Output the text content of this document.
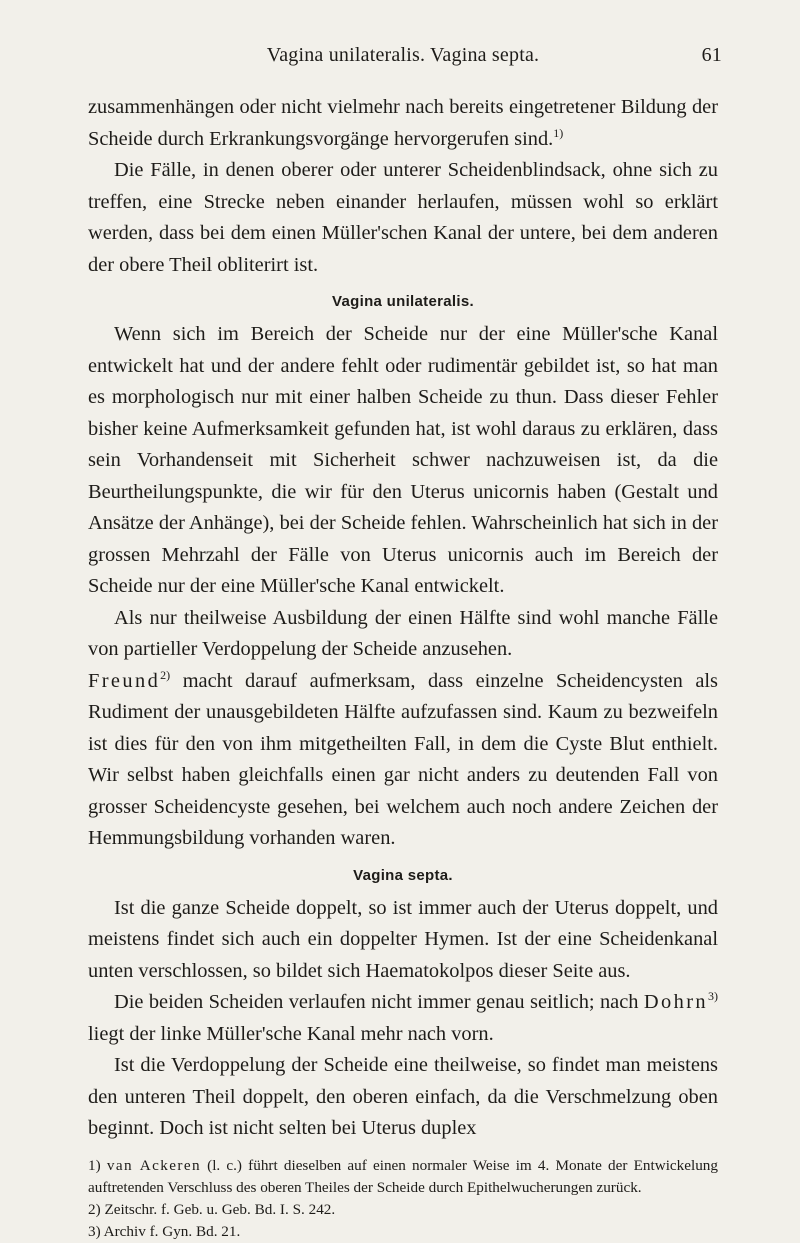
Vagina unilateralis. Vagina septa.	61

zusammenhängen oder nicht vielmehr nach bereits eingetretener Bildung der Scheide durch Erkrankungsvorgänge hervorgerufen sind.$^{1)}$

Die Fälle, in denen oberer oder unterer Scheidenblindsack, ohne sich zu treffen, eine Strecke neben einander herlaufen, müssen wohl so erklärt werden, dass bei dem einen Müller'schen Kanal der untere, bei dem anderen der obere Theil obliterirt ist.

Vagina unilateralis.

Wenn sich im Bereich der Scheide nur der eine Müller'sche Kanal entwickelt hat und der andere fehlt oder rudimentär gebildet ist, so hat man es morphologisch nur mit einer halben Scheide zu thun. Dass dieser Fehler bisher keine Aufmerksamkeit gefunden hat, ist wohl daraus zu erklären, dass sein Vorhandenseit mit Sicherheit schwer nachzuweisen ist, da die Beurtheilungspunkte, die wir für den Uterus unicornis haben (Gestalt und Ansätze der Anhänge), bei der Scheide fehlen. Wahrscheinlich hat sich in der grossen Mehrzahl der Fälle von Uterus unicornis auch im Bereich der Scheide nur der eine Müller'sche Kanal entwickelt.

Als nur theilweise Ausbildung der einen Hälfte sind wohl manche Fälle von partieller Verdoppelung der Scheide anzusehen.

Freund$^{2)}$ macht darauf aufmerksam, dass einzelne Scheidencysten als Rudiment der unausgebildeten Hälfte aufzufassen sind. Kaum zu bezweifeln ist dies für den von ihm mitgetheilten Fall, in dem die Cyste Blut enthielt. Wir selbst haben gleichfalls einen gar nicht anders zu deutenden Fall von grosser Scheidencyste gesehen, bei welchem auch noch andere Zeichen der Hemmungsbildung vorhanden waren.

Vagina septa.

Ist die ganze Scheide doppelt, so ist immer auch der Uterus doppelt, und meistens findet sich auch ein doppelter Hymen. Ist der eine Scheidenkanal unten verschlossen, so bildet sich Haematokolpos dieser Seite aus.

Die beiden Scheiden verlaufen nicht immer genau seitlich; nach Dohrn$^{3)}$ liegt der linke Müller'sche Kanal mehr nach vorn.

Ist die Verdoppelung der Scheide eine theilweise, so findet man meistens den unteren Theil doppelt, den oberen einfach, da die Verschmelzung oben beginnt. Doch ist nicht selten bei Uterus duplex

1) van Ackeren (l. c.) führt dieselben auf einen normaler Weise im 4. Monate der Entwickelung auftretenden Verschluss des oberen Theiles der Scheide durch Epithelwucherungen zurück.

2) Zeitschr. f. Geb. u. Geb. Bd. I. S. 242.

3) Archiv f. Gyn. Bd. 21.
